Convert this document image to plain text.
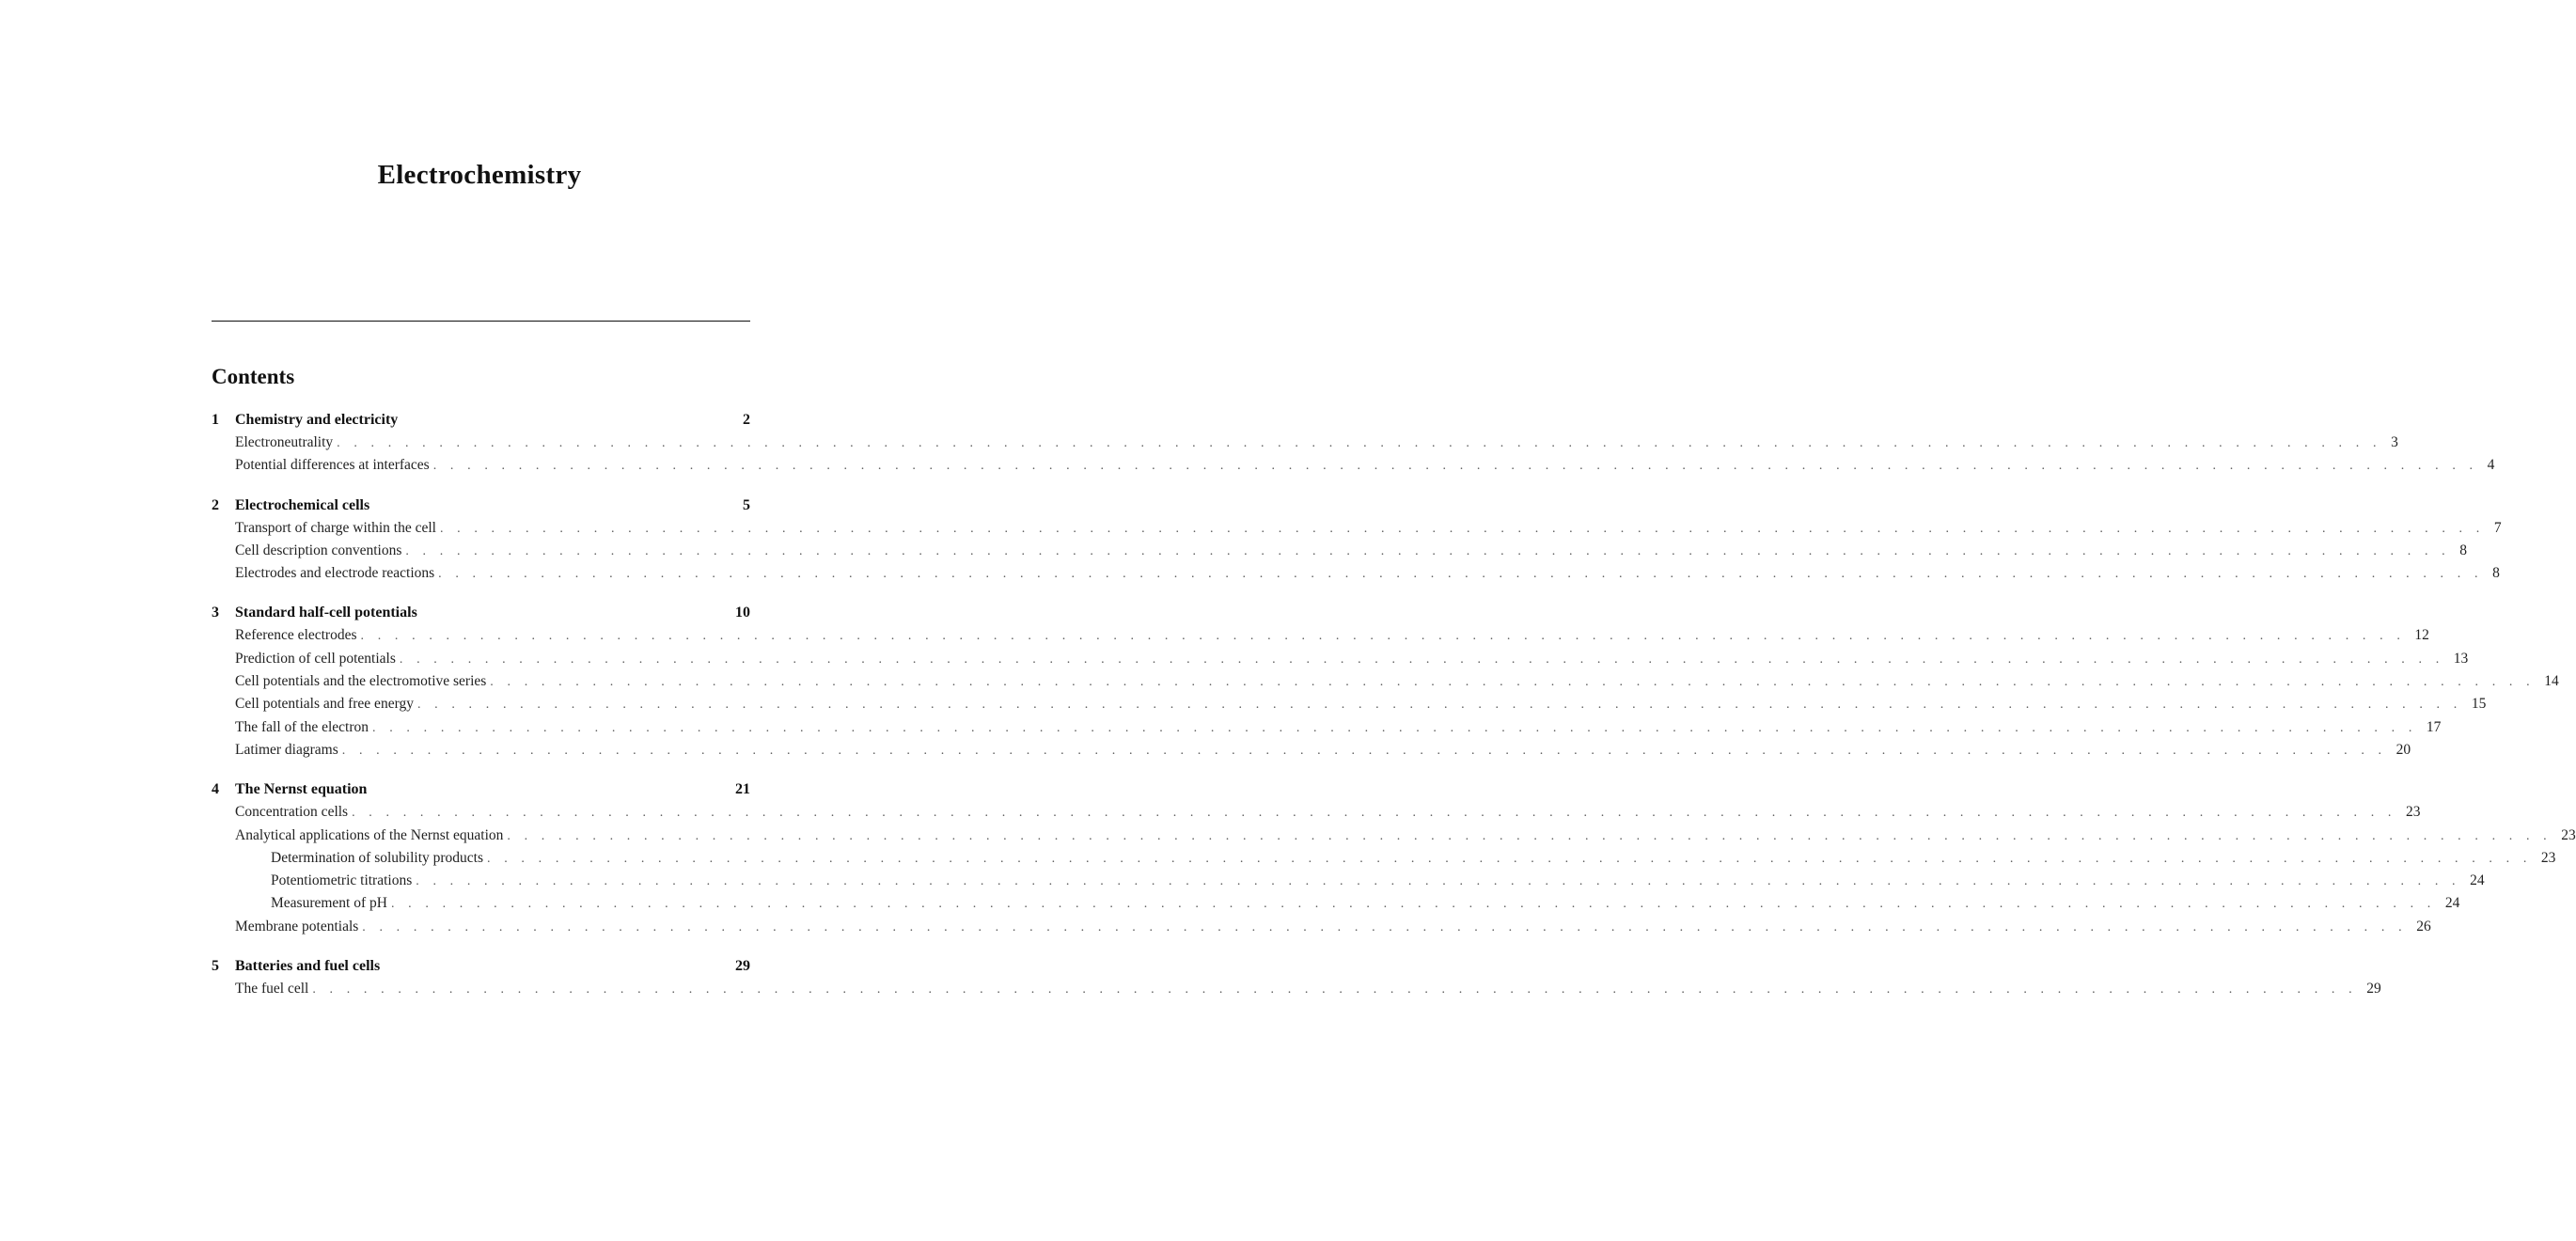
Electrochemistry
Contents
1	Chemistry and electricity	2
Electroneutrality . . . . . . . . . . . . . . . . . . . . . . . . . . . . . . . . . . . . . . . . . . . . . . . . . . . . . . . . . . . . . . . . . . . . . . . . . . . . . . . . . . . . . . . . . . . . . . . . . . . . . . . . . . . . . . . . . . . . . . . . 3
Potential differences at interfaces . . . . . . . . . . . . . . . . . . . . . . . . . . . . . . . . . . . . . . . . . . . . . . . . . . . . . . . . . . . . . . . . . . . . . . . . . . . . . . . . . . . . . . . . . . . . . . . . . . . . . . . . . . . . . . . . . . . . . . . . 4
2	Electrochemical cells	5
Transport of charge within the cell . . . . . . . . . . . . . . . . . . . . . . . . . . . . . . . . . . . . . . . . . . . . . . . . . . . . . . . . . . . . . . . . . . . . . . . . . . . . . . . . . . . . . . . . . . . . . . . . . . . . . . . . . . . . . . . . . . . . . . . . 7
Cell description conventions . . . . . . . . . . . . . . . . . . . . . . . . . . . . . . . . . . . . . . . . . . . . . . . . . . . . . . . . . . . . . . . . . . . . . . . . . . . . . . . . . . . . . . . . . . . . . . . . . . . . . . . . . . . . . . . . . . . . . . . . 8
Electrodes and electrode reactions . . . . . . . . . . . . . . . . . . . . . . . . . . . . . . . . . . . . . . . . . . . . . . . . . . . . . . . . . . . . . . . . . . . . . . . . . . . . . . . . . . . . . . . . . . . . . . . . . . . . . . . . . . . . . . . . . . . . . . . . 8
3	Standard half-cell potentials	10
Reference electrodes . . . . . . . . . . . . . . . . . . . . . . . . . . . . . . . . . . . . . . . . . . . . . . . . . . . . . . . . . . . . . . . . . . . . . . . . . . . . . . . . . . . . . . . . . . . . . . . . . . . . . . . . . . . . . . . . . . . . . . . . 12
Prediction of cell potentials . . . . . . . . . . . . . . . . . . . . . . . . . . . . . . . . . . . . . . . . . . . . . . . . . . . . . . . . . . . . . . . . . . . . . . . . . . . . . . . . . . . . . . . . . . . . . . . . . . . . . . . . . . . . . . . . . . . . . . . . 13
Cell potentials and the electromotive series . . . . . . . . . . . . . . . . . . . . . . . . . . . . . . . . . . . . . . . . . . . . . . . . . . . . . . . . . . . . . . . . . . . . . . . . . . . . . . . . . . . . . . . . . . . . . . . . . . . . . . . . . . . . . . . . . . . . . . . . 14
Cell potentials and free energy . . . . . . . . . . . . . . . . . . . . . . . . . . . . . . . . . . . . . . . . . . . . . . . . . . . . . . . . . . . . . . . . . . . . . . . . . . . . . . . . . . . . . . . . . . . . . . . . . . . . . . . . . . . . . . . . . . . . . . . . 15
The fall of the electron . . . . . . . . . . . . . . . . . . . . . . . . . . . . . . . . . . . . . . . . . . . . . . . . . . . . . . . . . . . . . . . . . . . . . . . . . . . . . . . . . . . . . . . . . . . . . . . . . . . . . . . . . . . . . . . . . . . . . . . . 17
Latimer diagrams . . . . . . . . . . . . . . . . . . . . . . . . . . . . . . . . . . . . . . . . . . . . . . . . . . . . . . . . . . . . . . . . . . . . . . . . . . . . . . . . . . . . . . . . . . . . . . . . . . . . . . . . . . . . . . . . . . . . . . . . 20
4	The Nernst equation	21
Concentration cells . . . . . . . . . . . . . . . . . . . . . . . . . . . . . . . . . . . . . . . . . . . . . . . . . . . . . . . . . . . . . . . . . . . . . . . . . . . . . . . . . . . . . . . . . . . . . . . . . . . . . . . . . . . . . . . . . . . . . . . . 23
Analytical applications of the Nernst equation . . . . . . . . . . . . . . . . . . . . . . . . . . . . . . . . . . . . . . . . . . . . . . . . . . . . . . . . . . . . . . . . . . . . . . . . . . . . . . . . . . . . . . . . . . . . . . . . . . . . . . . . . . . . . . . . . . . . . . . . 23
Determination of solubility products . . . . . . . . . . . . . . . . . . . . . . . . . . . . . . . . . . . . . . . . . . . . . . . . . . . . . . . . . . . . . . . . . . . . . . . . . . . . . . . . . . . . . . . . . . . . . . . . . . . . . . . . . . . . . . . . . . . . . . . . 23
Potentiometric titrations . . . . . . . . . . . . . . . . . . . . . . . . . . . . . . . . . . . . . . . . . . . . . . . . . . . . . . . . . . . . . . . . . . . . . . . . . . . . . . . . . . . . . . . . . . . . . . . . . . . . . . . . . . . . . . . . . . . . . . . . 24
Measurement of pH . . . . . . . . . . . . . . . . . . . . . . . . . . . . . . . . . . . . . . . . . . . . . . . . . . . . . . . . . . . . . . . . . . . . . . . . . . . . . . . . . . . . . . . . . . . . . . . . . . . . . . . . . . . . . . . . . . . . . . . . 24
Membrane potentials . . . . . . . . . . . . . . . . . . . . . . . . . . . . . . . . . . . . . . . . . . . . . . . . . . . . . . . . . . . . . . . . . . . . . . . . . . . . . . . . . . . . . . . . . . . . . . . . . . . . . . . . . . . . . . . . . . . . . . . . 26
5	Batteries and fuel cells	29
The fuel cell . . . . . . . . . . . . . . . . . . . . . . . . . . . . . . . . . . . . . . . . . . . . . . . . . . . . . . . . . . . . . . . . . . . . . . . . . . . . . . . . . . . . . . . . . . . . . . . . . . . . . . . . . . . . . . . . . . . . . . . . 29
